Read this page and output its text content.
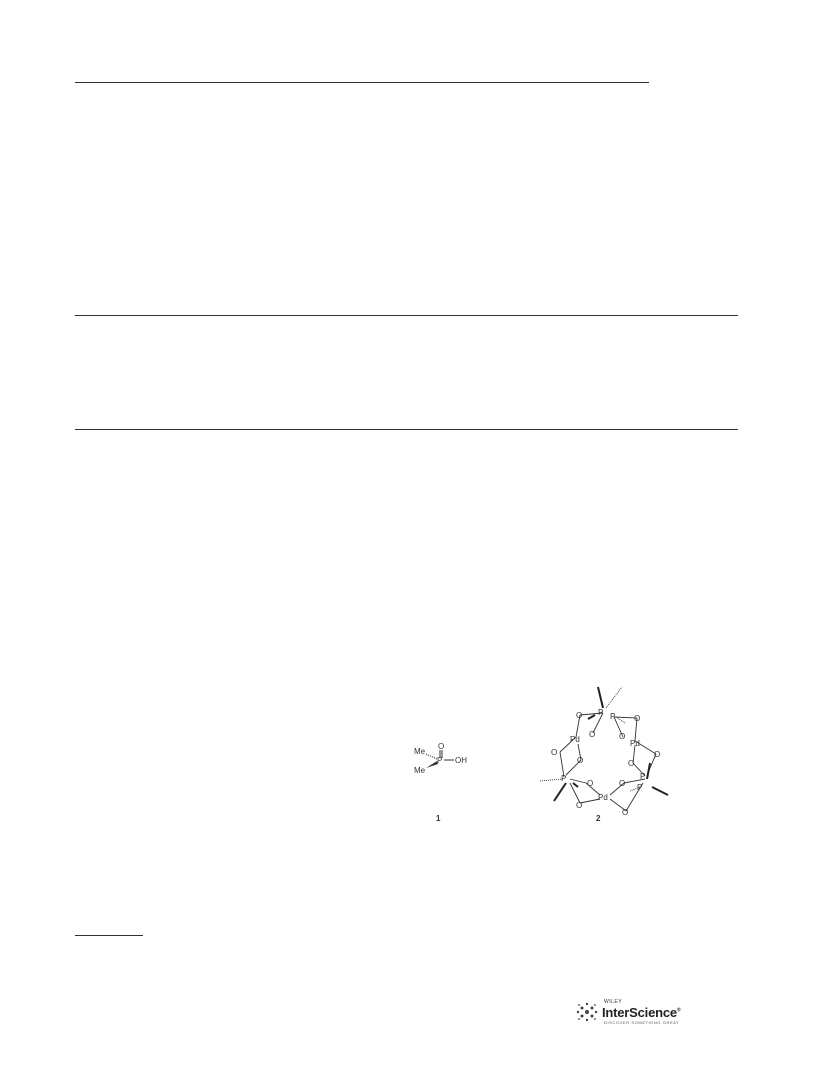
O
P OH
Me
Me
1
P P
P	P
P
Pd	Pd
Pd
O	O
O	O
O
O
O
O
O	O
O
O
2
WILEY
InterScience®
DISCOVER SOMETHING GREAT
